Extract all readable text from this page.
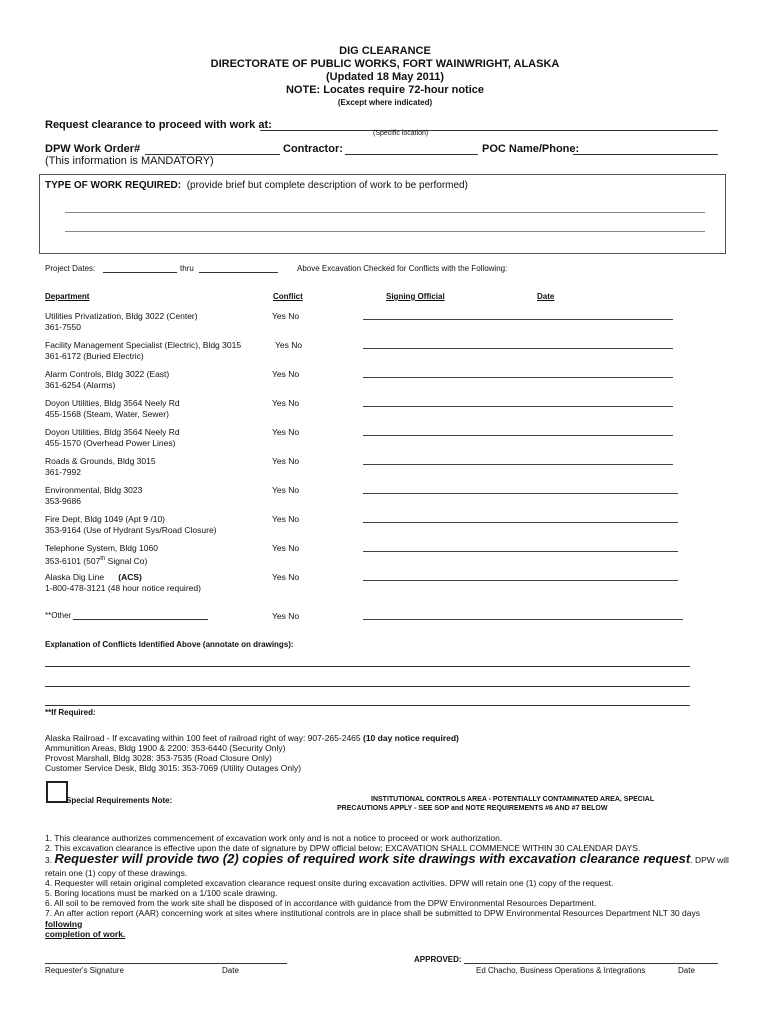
DIG CLEARANCE
DIRECTORATE OF PUBLIC WORKS, FORT WAINWRIGHT, ALASKA
(Updated 18 May 2011)
NOTE: Locates require 72-hour notice
(Except where indicated)
Request clearance to proceed with work at:
(Specific location)
DPW Work Order#	Contractor:	POC Name/Phone:
(This information is MANDATORY)
TYPE OF WORK REQUIRED: (provide brief but complete description of work to be performed)
Project Dates:	thru	Above Excavation Checked for Conflicts with the Following:
Department	Conflict	Signing Official	Date
Utilities Privatization, Bldg 3022 (Center)
361-7550
Yes No
Facility Management Specialist (Electric), Bldg 3015
361-6172 (Buried Electric)
Yes No
Alarm Controls, Bldg 3022 (East)
361-6254 (Alarms)
Yes No
Doyon Utilities, Bldg 3564 Neely Rd
455-1568 (Steam, Water, Sewer)
Yes No
Doyon Utilities, Bldg 3564 Neely Rd
455-1570 (Overhead Power Lines)
Yes No
Roads & Grounds, Bldg 3015
361-7992
Yes No
Environmental, Bldg 3023
353-9686
Yes No
Fire Dept, Bldg 1049 (Apt 9 /10)
353-9164 (Use of Hydrant Sys/Road Closure)
Yes No
Telephone System, Bldg 1060
353-6101 (507th Signal Co)
Yes No
Alaska Dig Line (ACS)
1-800-478-3121 (48 hour notice required)
Yes No
**Other	Yes No
Explanation of Conflicts Identified Above (annotate on drawings):
**If Required:
Alaska Railroad - If excavating within 100 feet of railroad right of way: 907-265-2465 (10 day notice required)
Ammunition Areas, Bldg 1900 & 2200: 353-6440 (Security Only)
Provost Marshall, Bldg 3028: 353-7535 (Road Closure Only)
Customer Service Desk, Bldg 3015: 353-7069 (Utility Outages Only)
Special Requirements Note:	INSTITUTIONAL CONTROLS AREA - POTENTIALLY CONTAMINATED AREA, SPECIAL
PRECAUTIONS APPLY - SEE SOP and NOTE REQUIREMENTS #6 AND #7 BELOW
1. This clearance authorizes commencement of excavation work only and is not a notice to proceed or work authorization.
2. This excavation clearance is effective upon the date of signature by DPW official below; EXCAVATION SHALL COMMENCE WITHIN 30 CALENDAR DAYS.
3. Requester will provide two (2) copies of required work site drawings with excavation clearance request. DPW will
retain one (1) copy of these drawings.
4. Requester will retain original completed excavation clearance request onsite during excavation activities. DPW will retain one (1) copy of the request.
5. Boring locations must be marked on a 1/100 scale drawing.
6. All soil to be removed from the work site shall be disposed of in accordance with guidance from the DPW Environmental Resources Department.
7. An after action report (AAR) concerning work at sites where institutional controls are in place shall be submitted to DPW Environmental Resources Department NLT 30 days following
completion of work.
APPROVED:
Requester's Signature	Date	Ed Chacho, Business Operations & Integrations	Date
